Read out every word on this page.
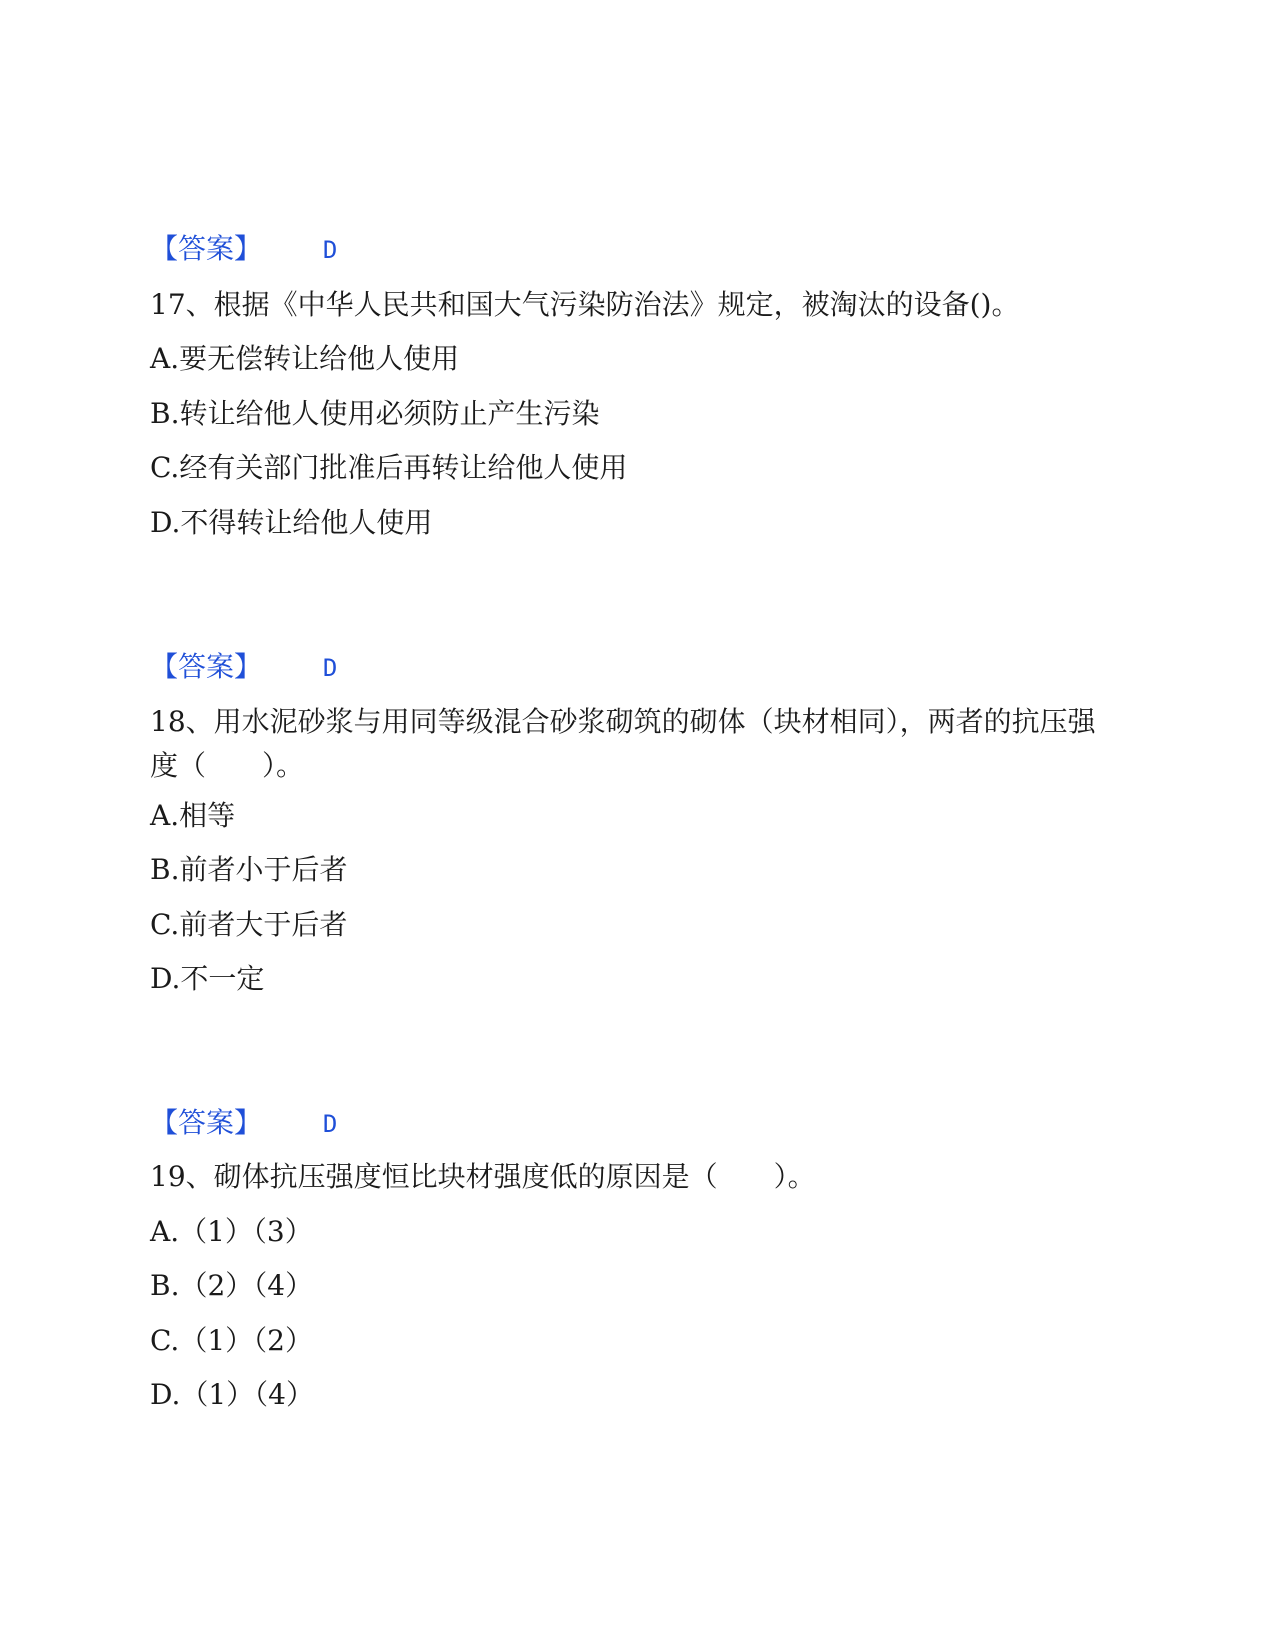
【答案】	D
17、根据《中华人民共和国大气污染防治法》规定，被淘汰的设备()。
A.要无偿转让给他人使用
B.转让给他人使用必须防止产生污染
C.经有关部门批准后再转让给他人使用
D.不得转让给他人使用
【答案】	D
18、用水泥砂浆与用同等级混合砂浆砌筑的砌体（块材相同），两者的抗压强度（　　）。
A.相等
B.前者小于后者
C.前者大于后者
D.不一定
【答案】	D
19、砌体抗压强度恒比块材强度低的原因是（　　）。
A.（1）（3）
B.（2）（4）
C.（1）（2）
D.（1）（4）
